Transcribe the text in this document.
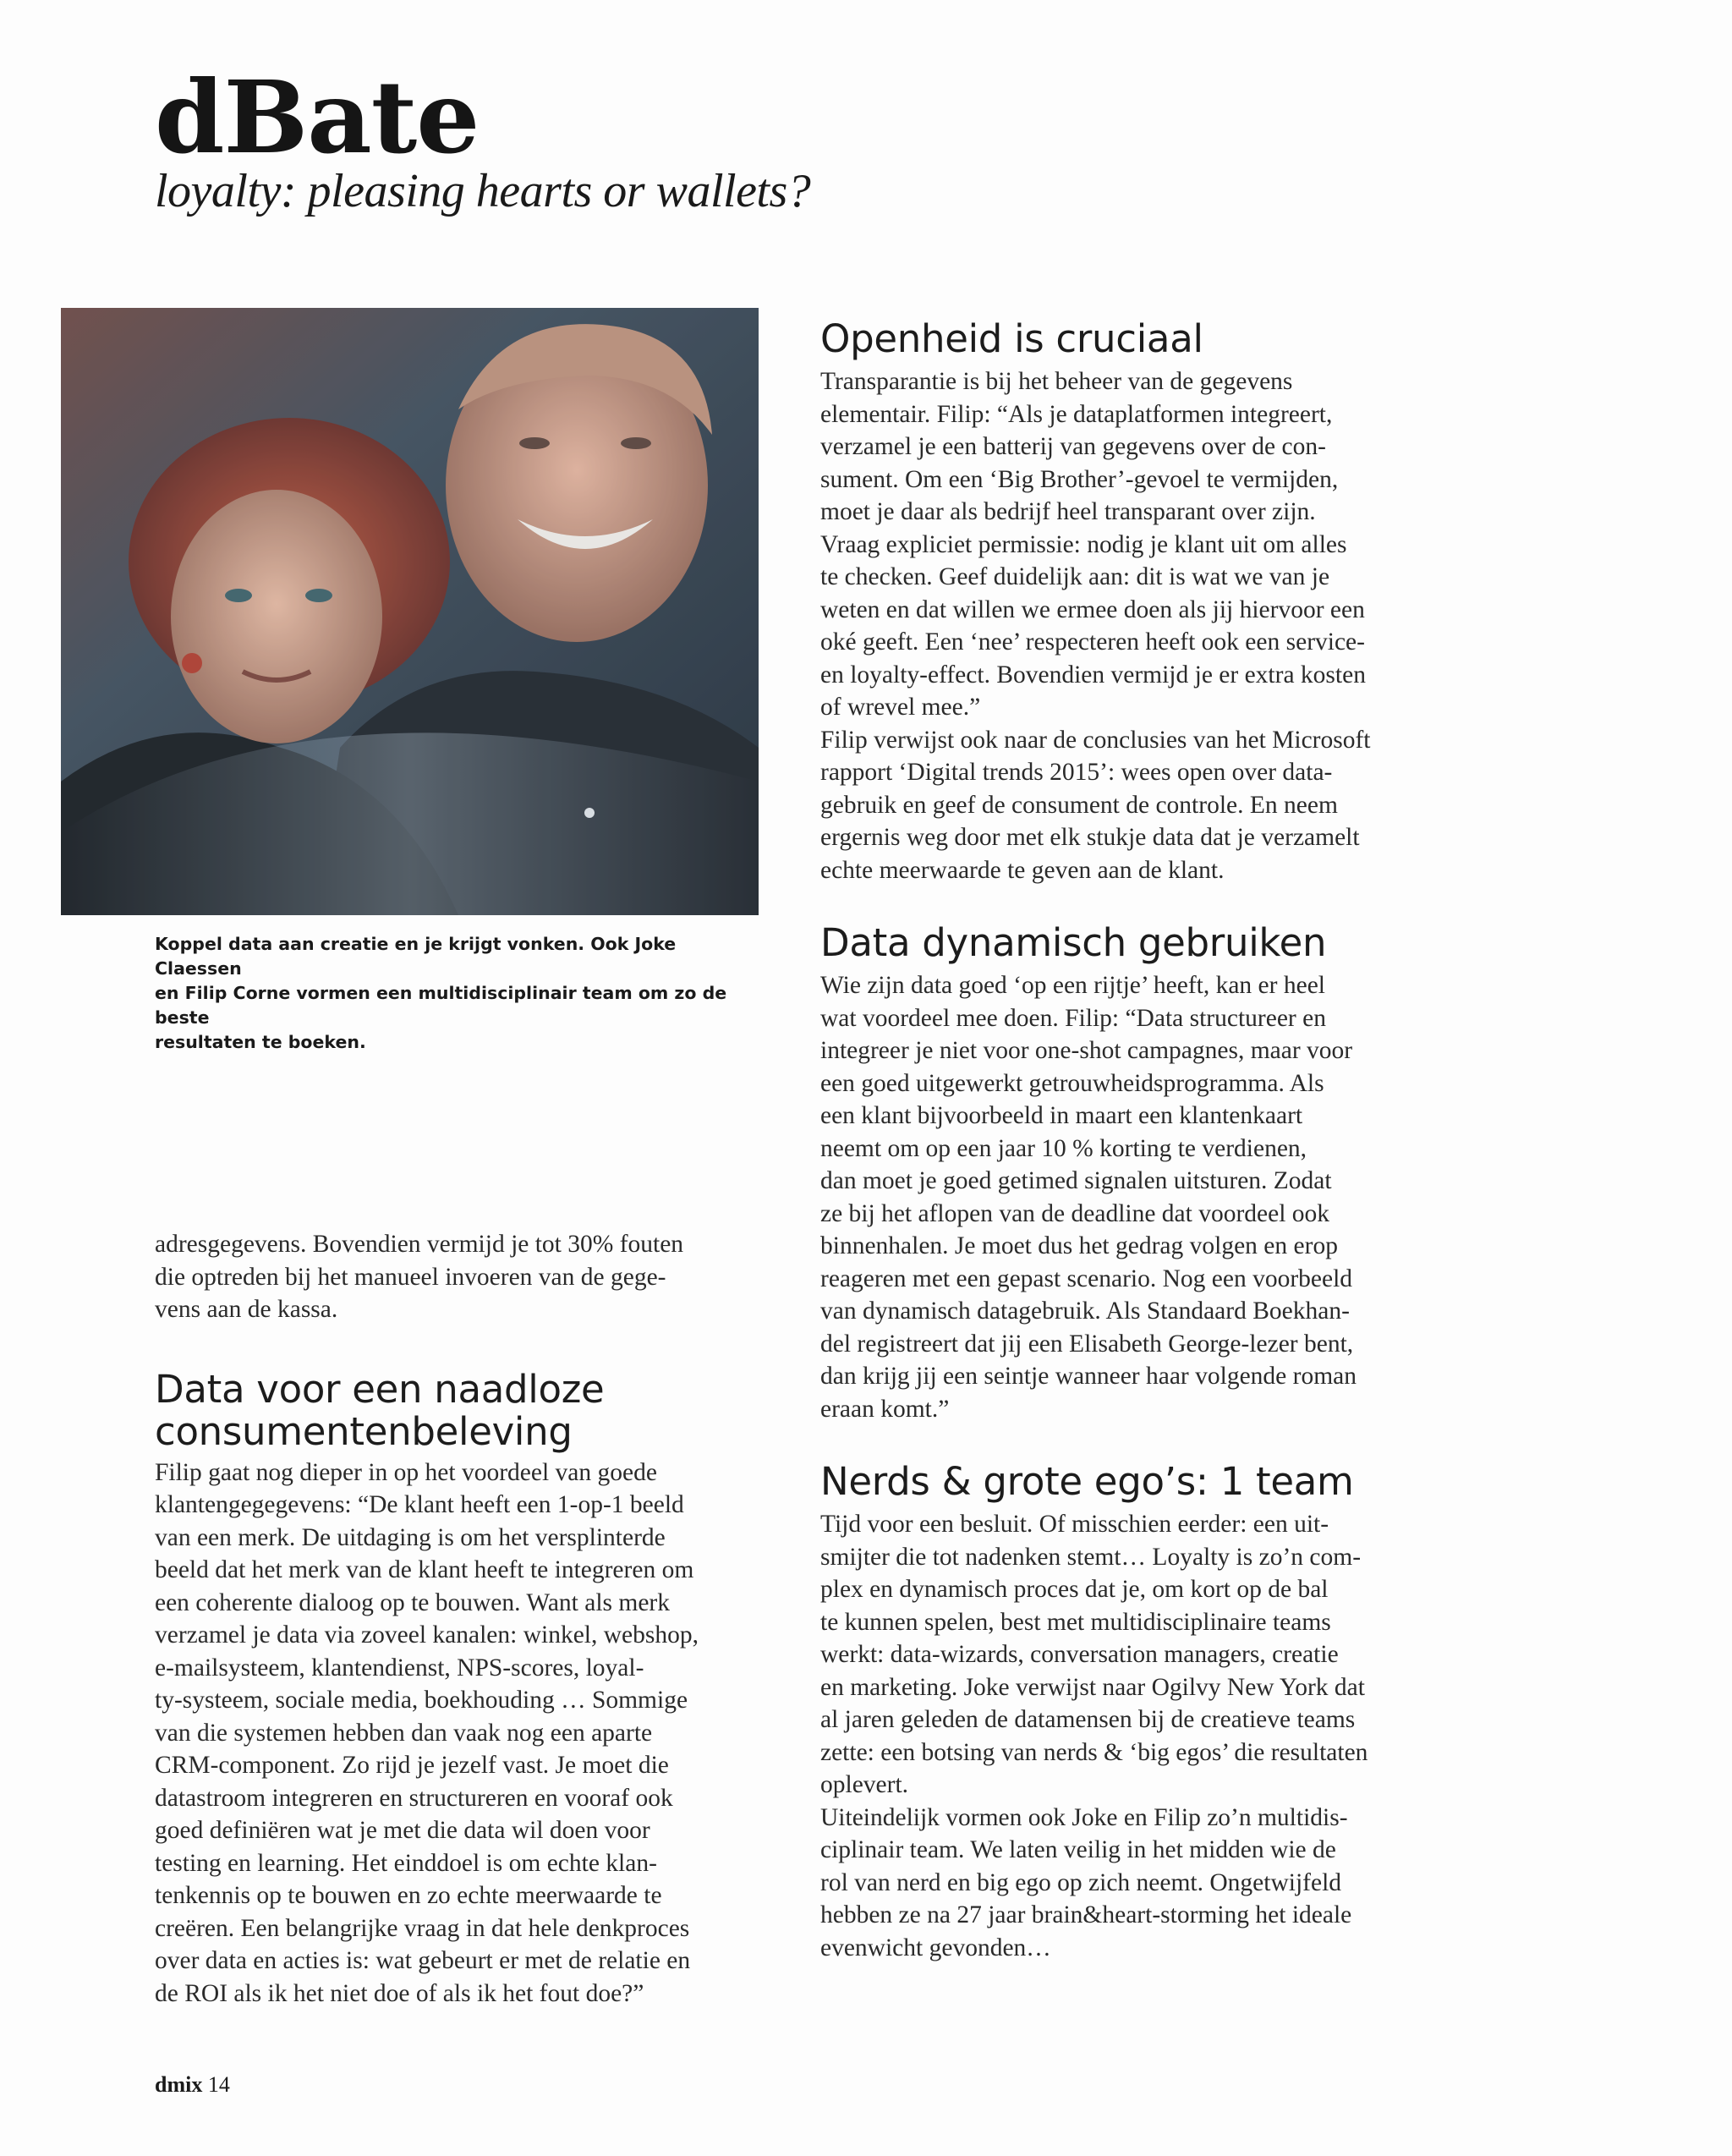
dBate
loyalty: pleasing hearts or wallets?
Koppel data aan creatie en je krijgt vonken. Ook Joke Claessen
en Filip Corne vormen een multidisciplinair team om zo de beste
resultaten te boeken.

adresgegevens. Bovendien vermijd je tot 30% fouten

die optreden bij het manueel invoeren van de gege-

vens aan de kassa.

Data voor een naadloze
consumentenbeleving

Filip gaat nog dieper in op het voordeel van goede

klantengegegevens: “De klant heeft een 1-op-1 beeld

van een merk. De uitdaging is om het versplinterde

beeld dat het merk van de klant heeft te integreren om

een coherente dialoog op te bouwen. Want als merk

verzamel je data via zoveel kanalen: winkel, webshop,

e-mailsysteem, klantendienst, NPS-scores, loyal-

ty-systeem, sociale media, boekhouding … Sommige

van die systemen hebben dan vaak nog een aparte

CRM-component. Zo rijd je jezelf vast. Je moet die

datastroom integreren en structureren en vooraf ook

goed definiëren wat je met die data wil doen voor

testing en learning. Het einddoel is om echte klan-

tenkennis op te bouwen en zo echte meerwaarde te

creëren. Een belangrijke vraag in dat hele denkproces

over data en acties is: wat gebeurt er met de relatie en

de ROI als ik het niet doe of als ik het fout doe?”

Openheid is cruciaal

Transparantie is bij het beheer van de gegevens

elementair. Filip: “Als je dataplatformen integreert,

verzamel je een batterij van gegevens over de con-

sument. Om een ‘Big Brother’-gevoel te vermijden,

moet je daar als bedrijf heel transparant over zijn.

Vraag expliciet permissie: nodig je klant uit om alles

te checken. Geef duidelijk aan: dit is wat we van je

weten en dat willen we ermee doen als jij hiervoor een

oké geeft. Een ‘nee’ respecteren heeft ook een service-

en loyalty-effect. Bovendien vermijd je er extra kosten

of wrevel mee.”

Filip verwijst ook naar de conclusies van het Microsoft

rapport ‘Digital trends 2015’: wees open over data-

gebruik en geef de consument de controle. En neem

ergernis weg door met elk stukje data dat je verzamelt

echte meerwaarde te geven aan de klant.

Data dynamisch gebruiken

Wie zijn data goed ‘op een rijtje’ heeft, kan er heel

wat voordeel mee doen. Filip: “Data structureer en

integreer je niet voor one-shot campagnes, maar voor

een goed uitgewerkt getrouwheidsprogramma. Als

een klant bijvoorbeeld in maart een klantenkaart

neemt om op een jaar 10 % korting te verdienen,

dan moet je goed getimed signalen uitsturen. Zodat

ze bij het aflopen van de deadline dat voordeel ook

binnenhalen. Je moet dus het gedrag volgen en erop

reageren met een gepast scenario. Nog een voorbeeld

van dynamisch datagebruik. Als Standaard Boekhan-

del registreert dat jij een Elisabeth George-lezer bent,

dan krijg jij een seintje wanneer haar volgende roman

eraan komt.”

Nerds & grote ego’s: 1 team

Tijd voor een besluit. Of misschien eerder: een uit-

smijter die tot nadenken stemt… Loyalty is zo’n com-

plex en dynamisch proces dat je, om kort op de bal

te kunnen spelen, best met multidisciplinaire teams

werkt: data-wizards, conversation managers, creatie

en marketing. Joke verwijst naar Ogilvy New York dat

al jaren geleden de datamensen bij de creatieve teams

zette: een botsing van nerds & ‘big egos’ die resultaten

oplevert.

Uiteindelijk vormen ook Joke en Filip zo’n multidis-

ciplinair team. We laten veilig in het midden wie de

rol van nerd en big ego op zich neemt. Ongetwijfeld

hebben ze na 27 jaar brain&heart-storming het ideale

evenwicht gevonden…

dmix 14
